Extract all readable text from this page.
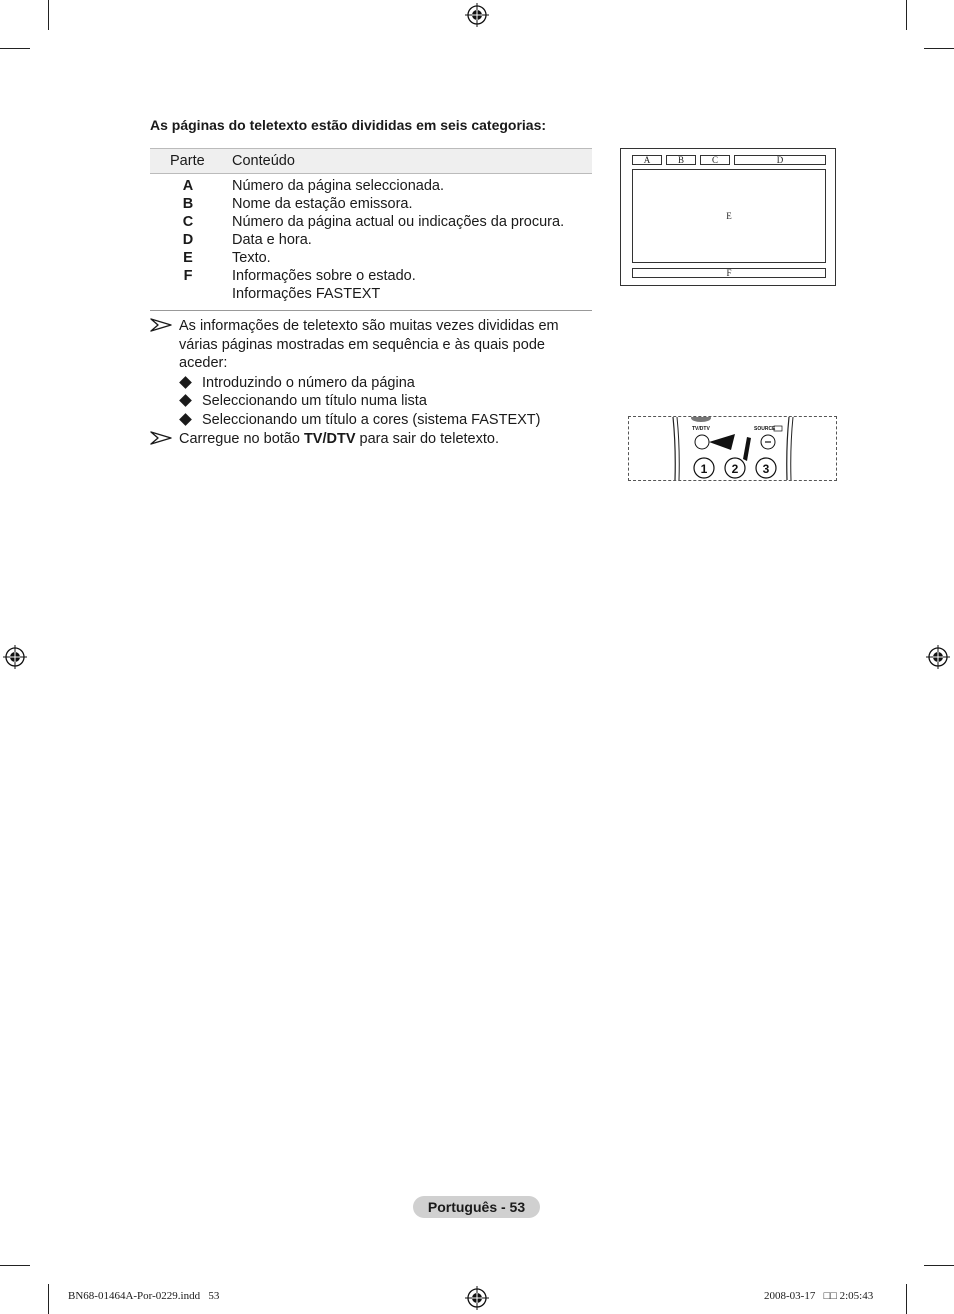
As páginas do teletexto estão divididas em seis categorias:
Parte Conteúdo
A	Número da página seleccionada.
B	Nome da estação emissora.
C	Número da página actual ou indicações da procura.
D	Data e hora.
E	Texto.
F	Informações sobre o estado.
Informações FASTEXT
As informações de teletexto são muitas vezes divididas em várias páginas mostradas em sequência e às quais pode aceder:
Introduzindo o número da página
Seleccionando um título numa lista
Seleccionando um título a cores (sistema FASTEXT)
Carregue no botão TV/DTV para sair do teletexto.
A	B	C	D
E
F
TV/DTV	SOURCE
1 2 3
Português - 53
BN68-01464A-Por-0229.indd   53	2008-03-17   □□ 2:05:43
